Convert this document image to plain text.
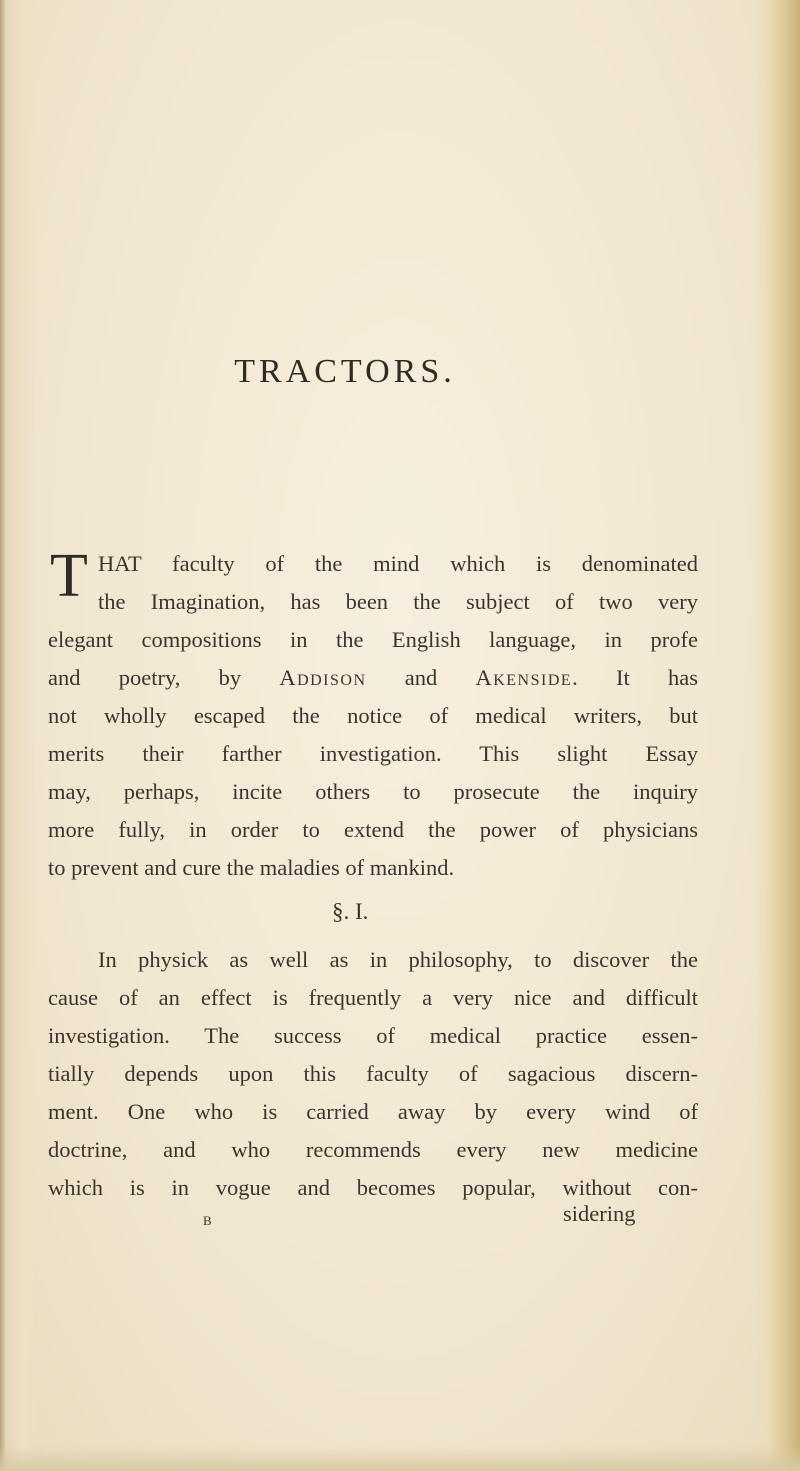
TRACTORS.
T HAT faculty of the mind which is denominated
the Imagination, has been the subject of two very
elegant compositions in the English language, in profe
and poetry, by Addison and Akenside. It has
not wholly escaped the notice of medical writers, but
merits their farther investigation. This slight Essay
may, perhaps, incite others to prosecute the inquiry
more fully, in order to extend the power of physicians
to prevent and cure the maladies of mankind.
§. I.
In physick as well as in philosophy, to discover the
cause of an effect is frequently a very nice and difficult
investigation. The success of medical practice essen-
tially depends upon this faculty of sagacious discern-
ment. One who is carried away by every wind of
doctrine, and who recommends every new medicine
which is in vogue and becomes popular, without con-
B	sidering
